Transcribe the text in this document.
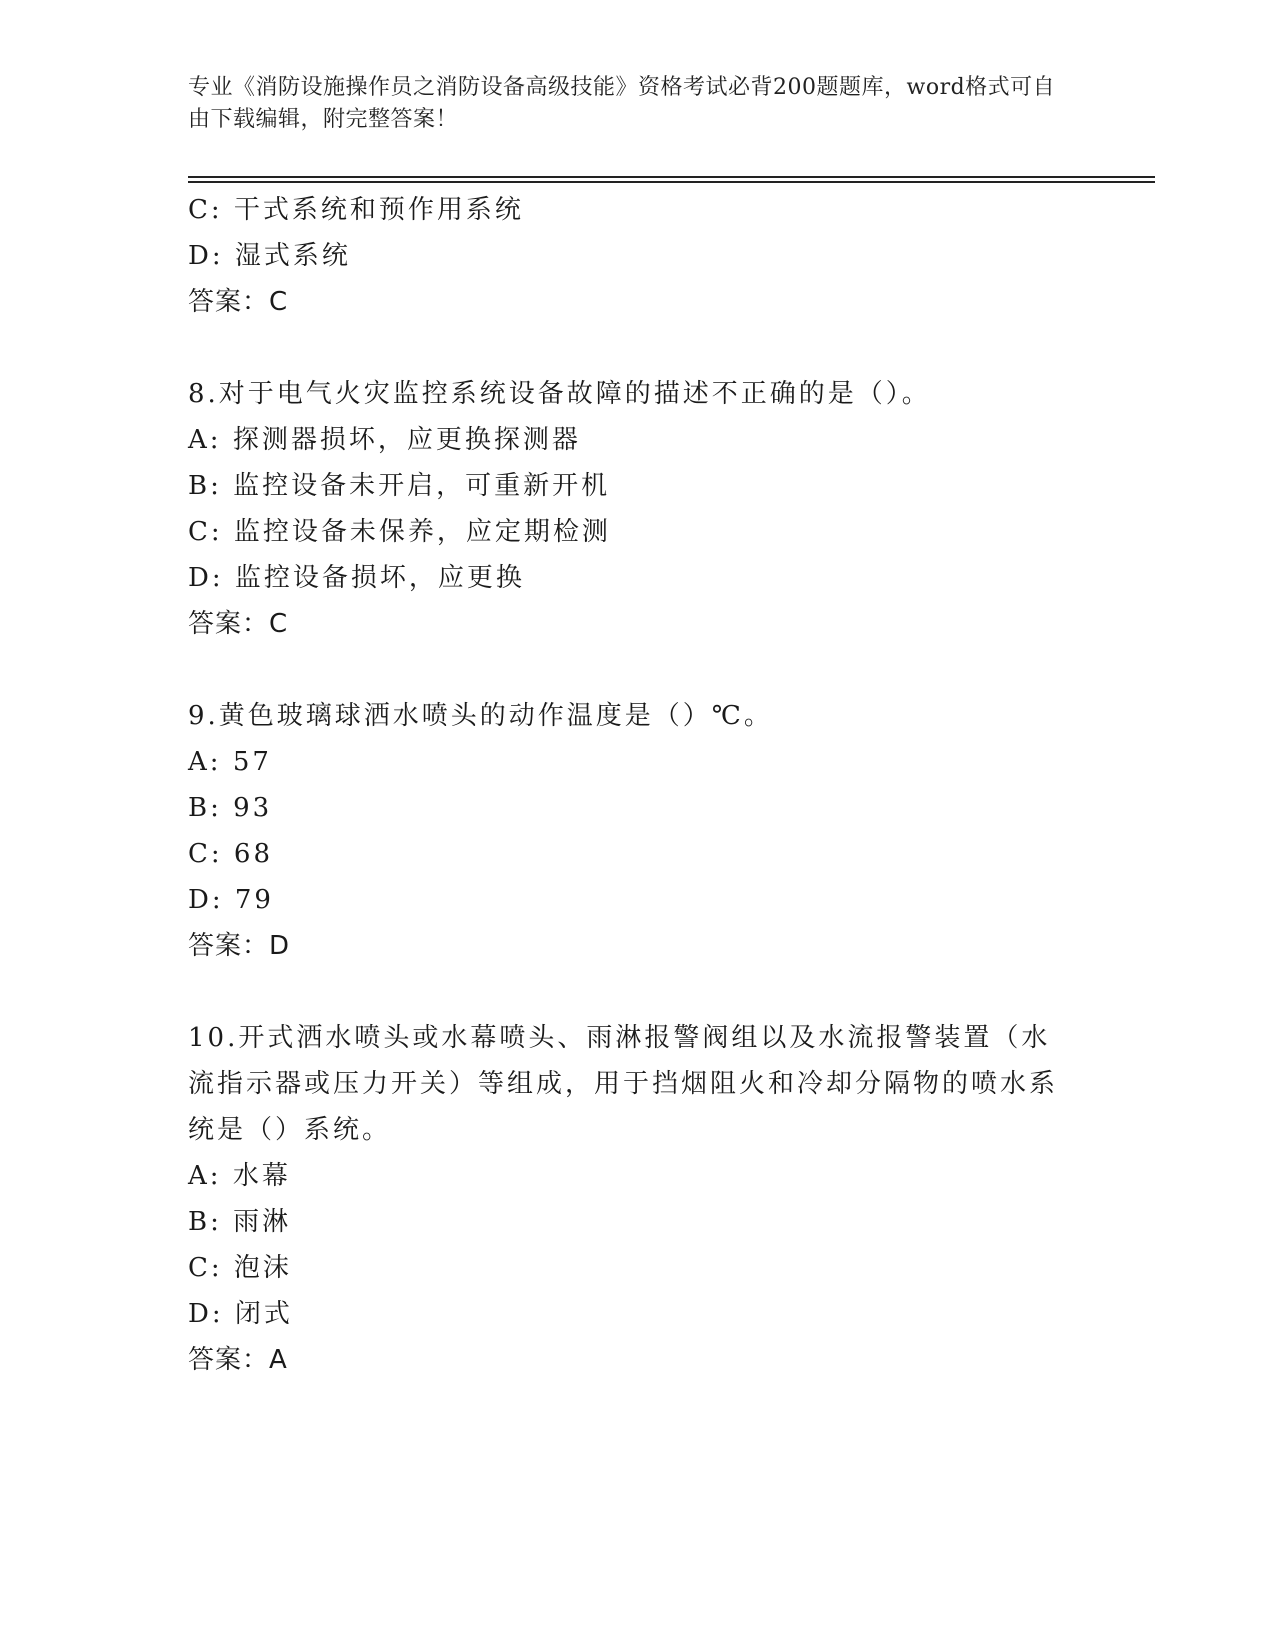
专业《消防设施操作员之消防设备高级技能》资格考试必背200题题库，word格式可自由下载编辑，附完整答案！
C: 干式系统和预作用系统
D: 湿式系统
答案：C
8.对于电气火灾监控系统设备故障的描述不正确的是（）。
A: 探测器损坏，应更换探测器
B: 监控设备未开启，可重新开机
C: 监控设备未保养，应定期检测
D: 监控设备损坏，应更换
答案：C
9.黄色玻璃球洒水喷头的动作温度是（）℃。
A: 57
B: 93
C: 68
D: 79
答案：D
10.开式洒水喷头或水幕喷头、雨淋报警阀组以及水流报警装置（水流指示器或压力开关）等组成，用于挡烟阻火和冷却分隔物的喷水系统是（）系统。
A: 水幕
B: 雨淋
C: 泡沫
D: 闭式
答案：A
